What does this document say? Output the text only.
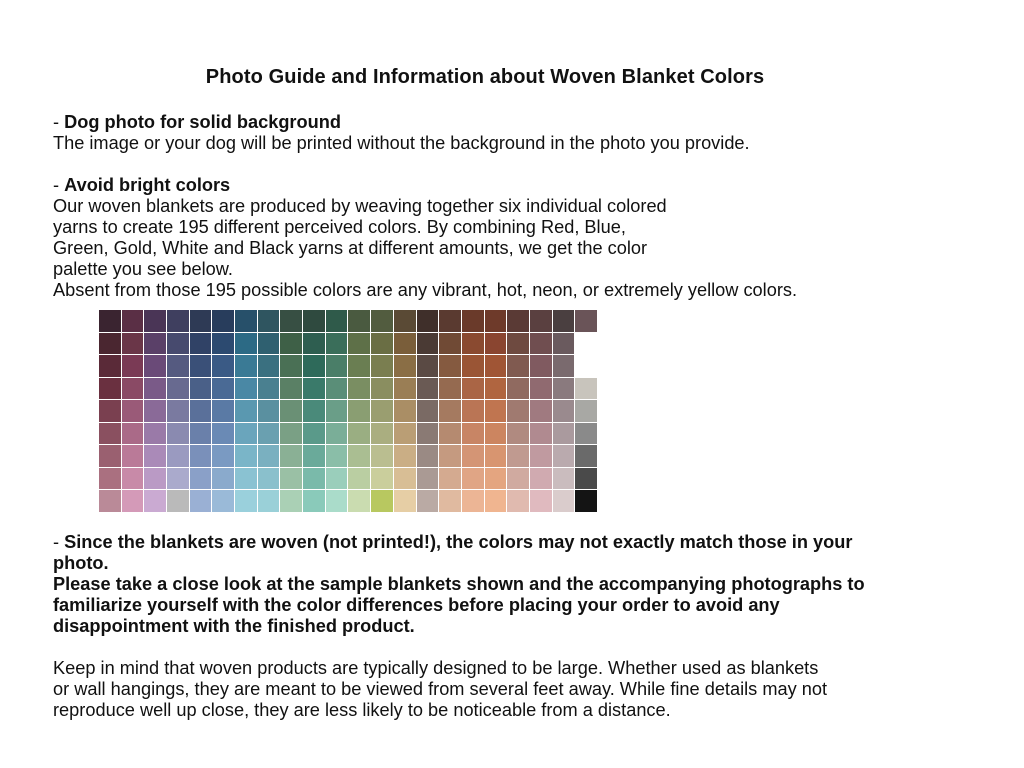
Photo Guide and Information about Woven Blanket Colors

- Dog photo for solid background

The image or your dog will be printed without the background in the photo you provide.

- Avoid bright colors

Our woven blankets are produced by weaving together six individual colored

yarns to create 195 different perceived colors. By combining Red, Blue,

Green, Gold, White and Black yarns at different amounts, we get the color

palette you see below.

Absent from those 195 possible colors are any vibrant, hot, neon, or extremely yellow colors.

- Since the blankets are woven (not printed!), the colors may not exactly match those in your

photo.

Please take a close look at the sample blankets shown and the accompanying photographs to

familiarize yourself with the color differences before placing your order to avoid any

disappointment with the finished product.

Keep in mind that woven products are typically designed to be large. Whether used as blankets

or wall hangings, they are meant to be viewed from several feet away. While fine details may not

reproduce well up close, they are less likely to be noticeable from a distance.
